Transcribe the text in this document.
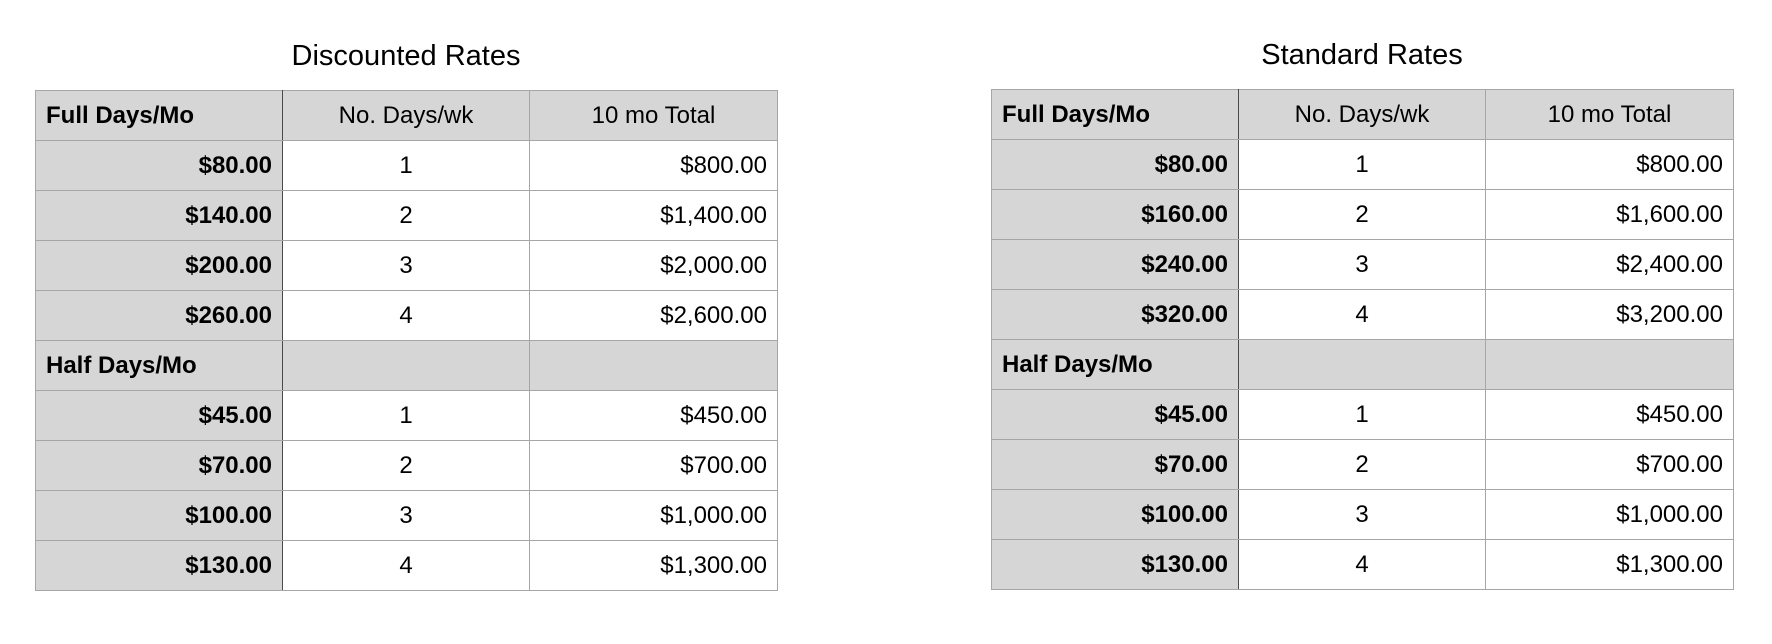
Discounted Rates
Full Days/Mo	No. Days/wk	10 mo Total
$80.00	1	$800.00
$140.00	2	$1,400.00
$200.00	3	$2,000.00
$260.00	4	$2,600.00
Half Days/Mo		
$45.00	1	$450.00
$70.00	2	$700.00
$100.00	3	$1,000.00
$130.00	4	$1,300.00
Standard Rates
Full Days/Mo	No. Days/wk	10 mo Total
$80.00	1	$800.00
$160.00	2	$1,600.00
$240.00	3	$2,400.00
$320.00	4	$3,200.00
Half Days/Mo		
$45.00	1	$450.00
$70.00	2	$700.00
$100.00	3	$1,000.00
$130.00	4	$1,300.00
